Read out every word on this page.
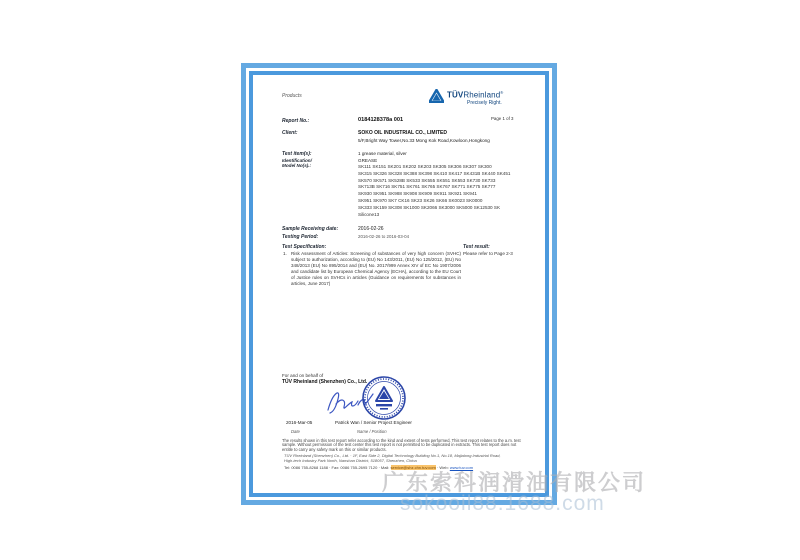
Products	TÜVRheinland®
Precisely Right.
Report No.:	0184128378a 001	Page 1 of 3
Client:	SOKO OIL INDUSTRIAL CO., LIMITED
5/F,Bright Way Tower,No.33 Mong Kok Road,Kowloon,Hongkong
Test item(s):	1 grease material, silver
Identification/
Model No(s).:
GREASE
SK111 SK151 SK201 SK202 SK203 SK305 SK306 SK307 SK300
SK315 SK326 SK328 SK388 SK398 SK410 SK417 SK431B SK440 SK451
SK570 SK571 SK528B SK533 SK555 SK551 SK553 SK730 SK733
SK713B SK716 SK751 SK761 SK765 SK767 SK771 SK775 SK777
SK930 SK951 SK988 SK908 SK909 SK911 SK921 SK941
SK951 SK970 SK7 CK16 SK23 SK26 SK66 SK0023 SK0000
SK333 SK159 SK308 SK1000 SK2066 SK3000 SK5000 SK12530 SK
Silicone13
Sample Receiving date:	2016-02-26
Testing Period:	2016-02-26 to 2016-03-04
Test Specification:	Test result:
1. Risk Assessment of Articles: Screening of substances of very high concern (SVHC) subject to authorization, according to (EU) No 143/2011, (EU) No 125/2012, (EU) No 348/2013 (EU) No 895/2014 and (EU) No. 2017/999 Annex XIV of EC No 1907/2006 and candidate list by European Chemical Agency (ECHA), according to the EU Court of Justice rules on SVHCs in articles (Guidance on requirements for substances in articles, June 2017)
Please refer to Page 2-3
For and on behalf of
TÜV Rheinland (Shenzhen) Co., Ltd.
2016-Mar-05	Patrick Wan / Senior Project Engineer
Date	Name / Position
The results shown in this test report refer according to the kind and extent of tests performed. This test report relates to the a.m. test sample. Without permission of the test center this test report is not permitted to be duplicated in extracts. This test report does not entitle to carry any safety mark on this or similar products.
TÜV Rheinland (Shenzhen) Co., Ltd. · 1F, East Side 2, Digital Technology Building No.1, No.18, Majialong Industrial Road,
High-tech Industry Park North, Nanshan District, 518057, Shenzhen, China
Tel: 0086 755-8268 1188 · Fax: 0086 755-2695 7120 · Mail: service@shz.chn.tuv.com · Web: www.tuv.com
广东索科润滑油有限公司
sokooil88.1688.com
